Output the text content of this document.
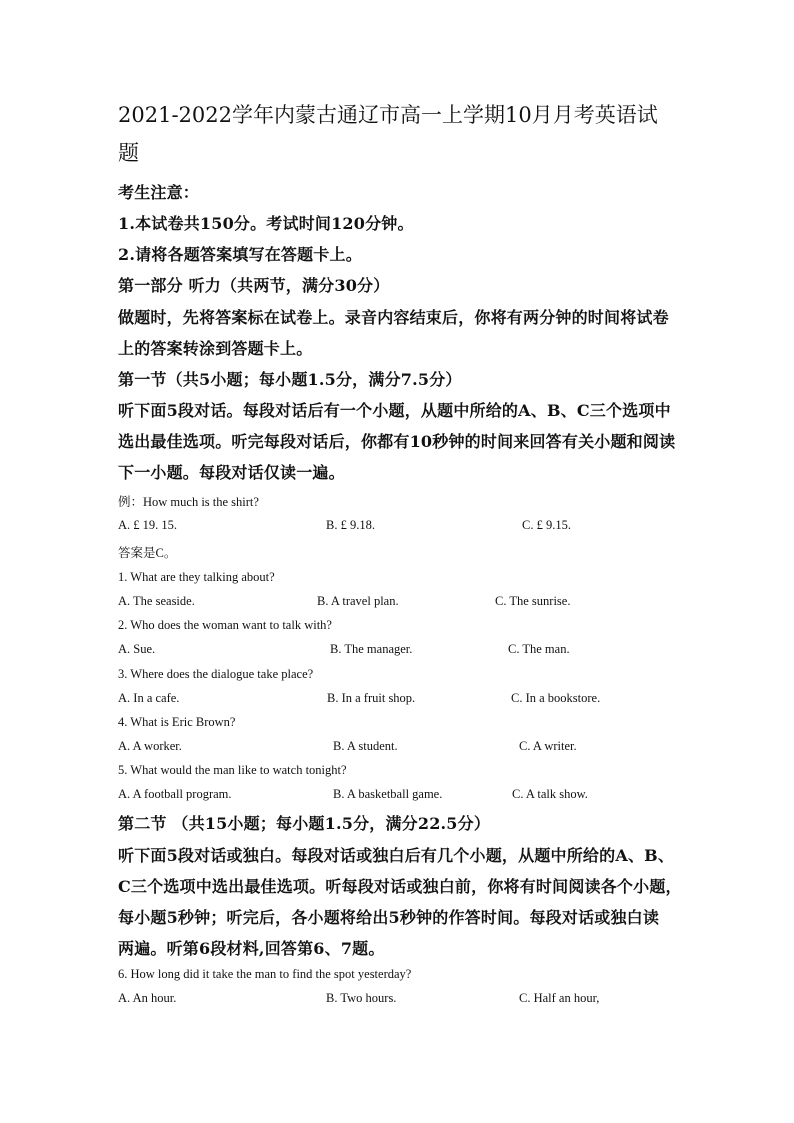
2021-2022学年内蒙古通辽市高一上学期10月月考英语试题
考生注意：
1.本试卷共150分。考试时间120分钟。
2.请将各题答案填写在答题卡上。
第一部分 听力（共两节，满分30分）
做题时，先将答案标在试卷上。录音内容结束后，你将有两分钟的时间将试卷
上的答案转涂到答题卡上。
第一节（共5小题；每小题1.5分，满分7.5分）
听下面5段对话。每段对话后有一个小题，从题中所给的A、B、C三个选项中
选出最佳选项。听完每段对话后，你都有10秒钟的时间来回答有关小题和阅读
下一小题。每段对话仅读一遍。
例：How much is the shirt?
A. £ 19. 15.	B. £ 9.18.	C. £ 9.15.
答案是C。
1. What are they talking about?
A. The seaside.	B. A travel plan.	C. The sunrise.
2. Who does the woman want to talk with?
A. Sue.	B. The manager.	C. The man.
3. Where does the dialogue take place?
A. In a cafe.	B. In a fruit shop.	C. In a bookstore.
4. What is Eric Brown?
A. A worker.	B. A student.	C. A writer.
5. What would the man like to watch tonight?
A. A football program.	B. A basketball game.	C. A talk show.
第二节 （共15小题；每小题1.5分，满分22.5分）
听下面5段对话或独白。每段对话或独白后有几个小题，从题中所给的A、B、
C三个选项中选出最佳选项。听每段对话或独白前，你将有时间阅读各个小题，
每小题5秒钟；听完后，各小题将给出5秒钟的作答时间。每段对话或独白读
两遍。听第6段材料,回答第6、7题。
6. How long did it take the man to find the spot yesterday?
A. An hour.	B. Two hours.	C. Half an hour,
